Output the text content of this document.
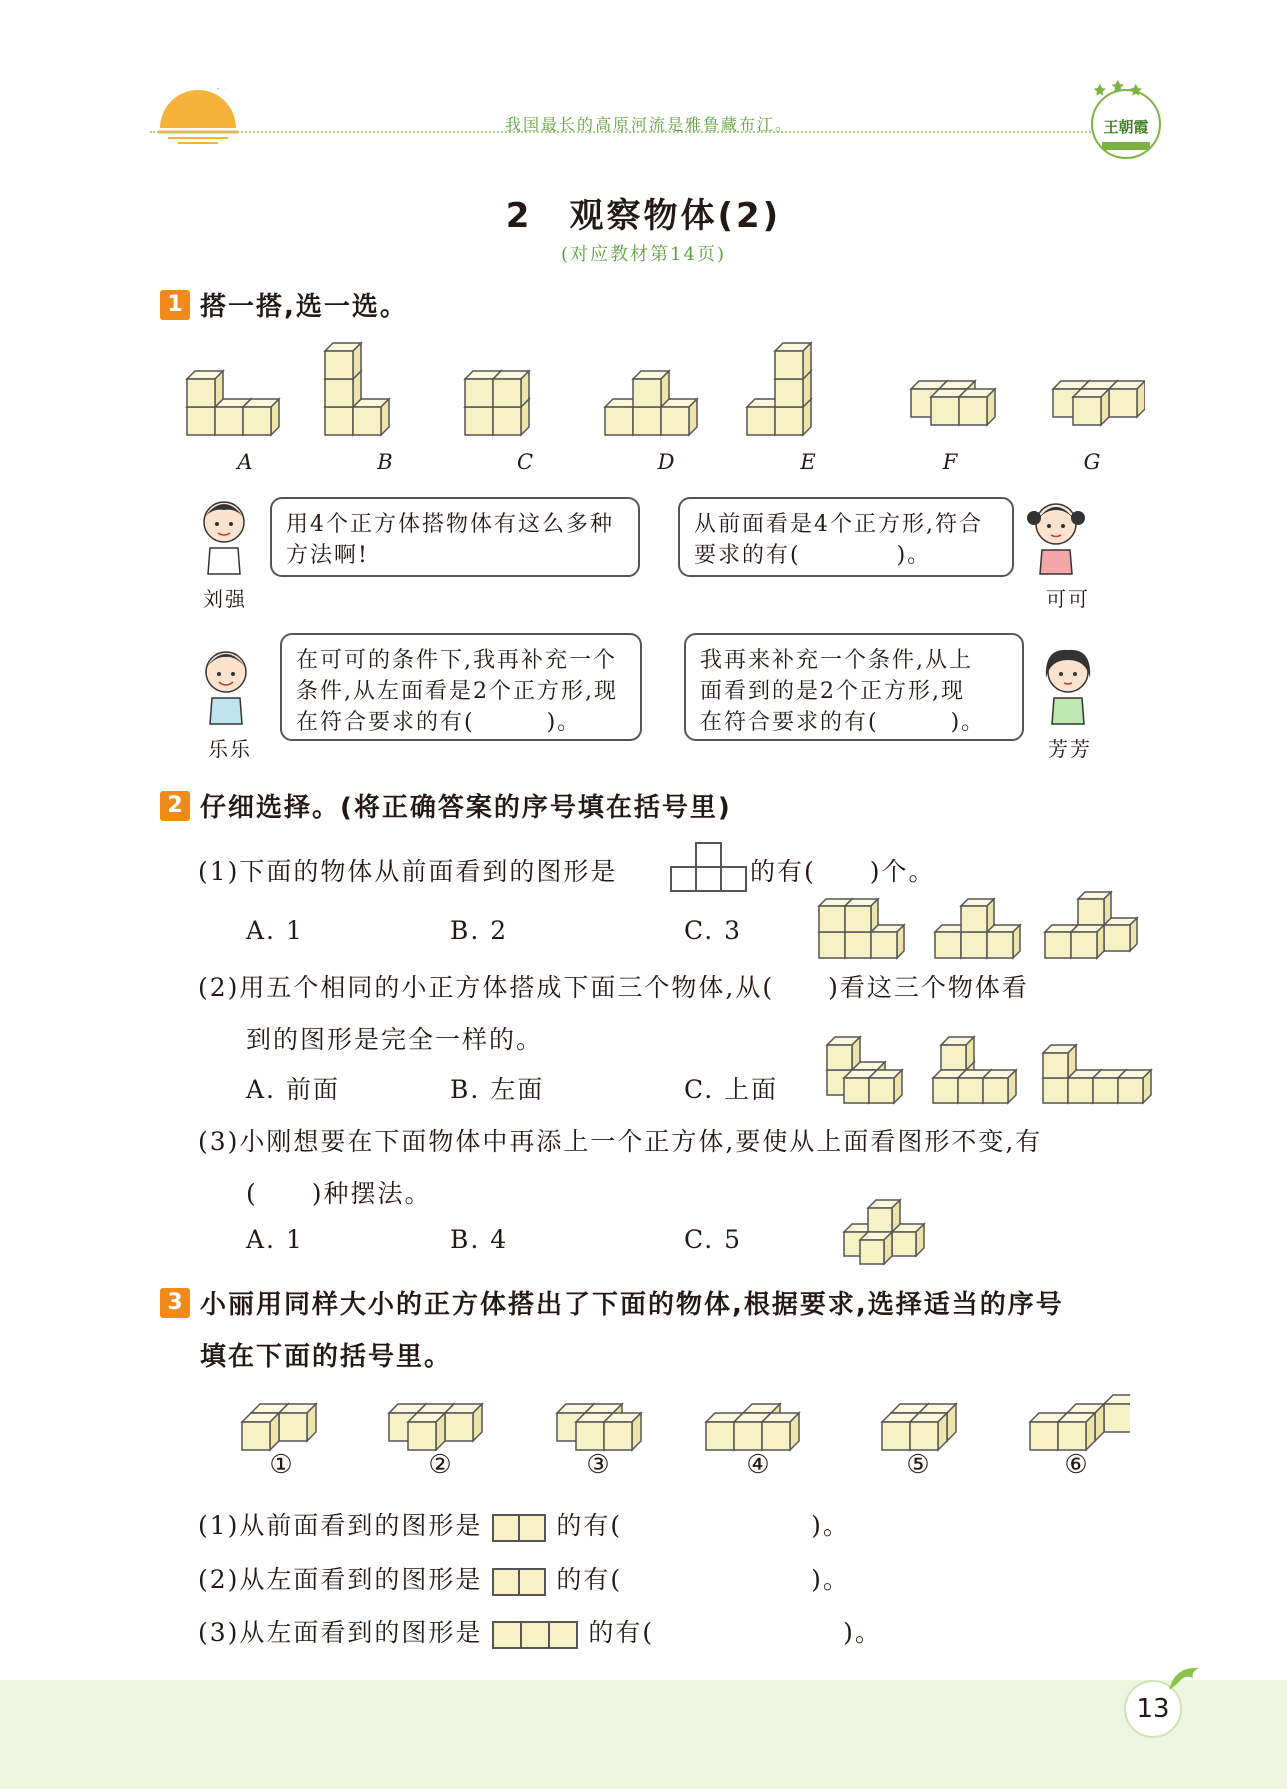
我国最长的高原河流是雅鲁藏布江。	王朝霞
2　观察物体(2)
(对应教材第14页)
1 搭一搭,选一选。
A	B	C	D	E	F	G
刘强
用4个正方体搭物体有这么多种
方法啊!
从前面看是4个正方形,符合
要求的有(　　　　)。
可可
乐乐
在可可的条件下,我再补充一个
条件,从左面看是2个正方形,现
在符合要求的有(　　　)。
我再来补充一个条件,从上
面看到的是2个正方形,现
在符合要求的有(　　　)。
芳芳
2 仔细选择。(将正确答案的序号填在括号里)
(1)下面的物体从前面看到的图形是	的有(　　)个。
A. 1	B. 2	C. 3
(2)用五个相同的小正方体搭成下面三个物体,从(　　)看这三个物体看
到的图形是完全一样的。
A. 前面	B. 左面	C. 上面
(3)小刚想要在下面物体中再添上一个正方体,要使从上面看图形不变,有
(　　)种摆法。
A. 1	B. 4	C. 5
3 小丽用同样大小的正方体搭出了下面的物体,根据要求,选择适当的序号
填在下面的括号里。
①	②	③	④	⑤	⑥
(1)从前面看到的图形是	的有(　　　　　　　)。
(2)从左面看到的图形是	的有(　　　　　　　)。
(3)从左面看到的图形是	的有(　　　　　　　)。
13
